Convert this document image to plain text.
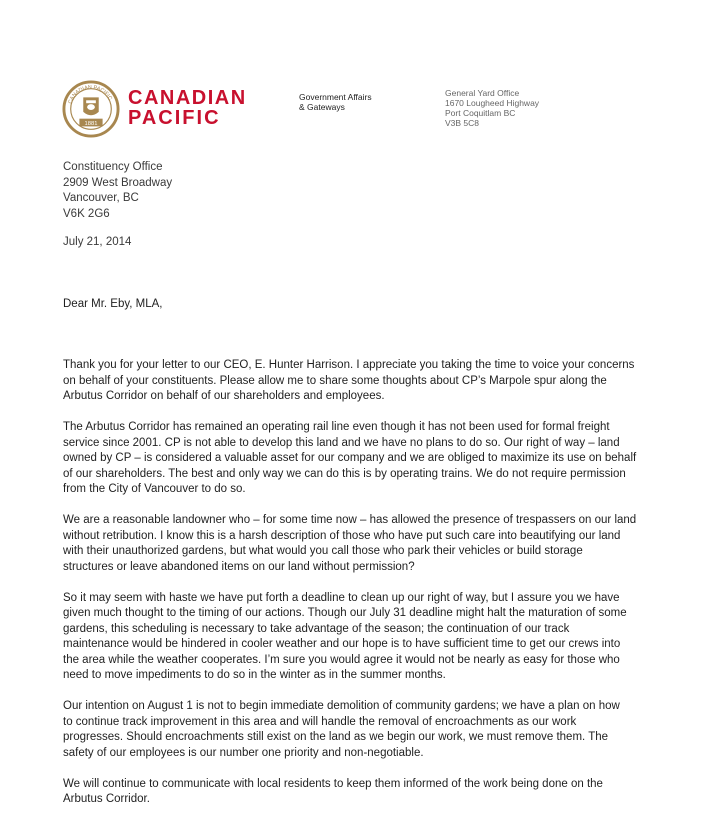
1881
CANADIAN PACIFIC CANADIAN
PACIFIC
Government Affairs
& Gateways
General Yard Office
1670 Lougheed Highway
Port Coquitlam BC
V3B 5C8
Constituency Office
2909 West Broadway
Vancouver, BC
V6K 2G6
July 21, 2014
Dear Mr. Eby, MLA,

Thank you for your letter to our CEO, E. Hunter Harrison. I appreciate you taking the time to voice your concerns
on behalf of your constituents. Please allow me to share some thoughts about CP’s Marpole spur along the
Arbutus Corridor on behalf of our shareholders and employees.

The Arbutus Corridor has remained an operating rail line even though it has not been used for formal freight
service since 2001. CP is not able to develop this land and we have no plans to do so. Our right of way – land
owned by CP – is considered a valuable asset for our company and we are obliged to maximize its use on behalf
of our shareholders. The best and only way we can do this is by operating trains. We do not require permission
from the City of Vancouver to do so.

We are a reasonable landowner who – for some time now – has allowed the presence of trespassers on our land
without retribution. I know this is a harsh description of those who have put such care into beautifying our land
with their unauthorized gardens, but what would you call those who park their vehicles or build storage
structures or leave abandoned items on our land without permission?

So it may seem with haste we have put forth a deadline to clean up our right of way, but I assure you we have
given much thought to the timing of our actions. Though our July 31 deadline might halt the maturation of some
gardens, this scheduling is necessary to take advantage of the season; the continuation of our track
maintenance would be hindered in cooler weather and our hope is to have sufficient time to get our crews into
the area while the weather cooperates. I’m sure you would agree it would not be nearly as easy for those who
need to move impediments to do so in the winter as in the summer months.

Our intention on August 1 is not to begin immediate demolition of community gardens; we have a plan on how
to continue track improvement in this area and will handle the removal of encroachments as our work
progresses. Should encroachments still exist on the land as we begin our work, we must remove them. The
safety of our employees is our number one priority and non-negotiable.

We will continue to communicate with local residents to keep them informed of the work being done on the
Arbutus Corridor.
